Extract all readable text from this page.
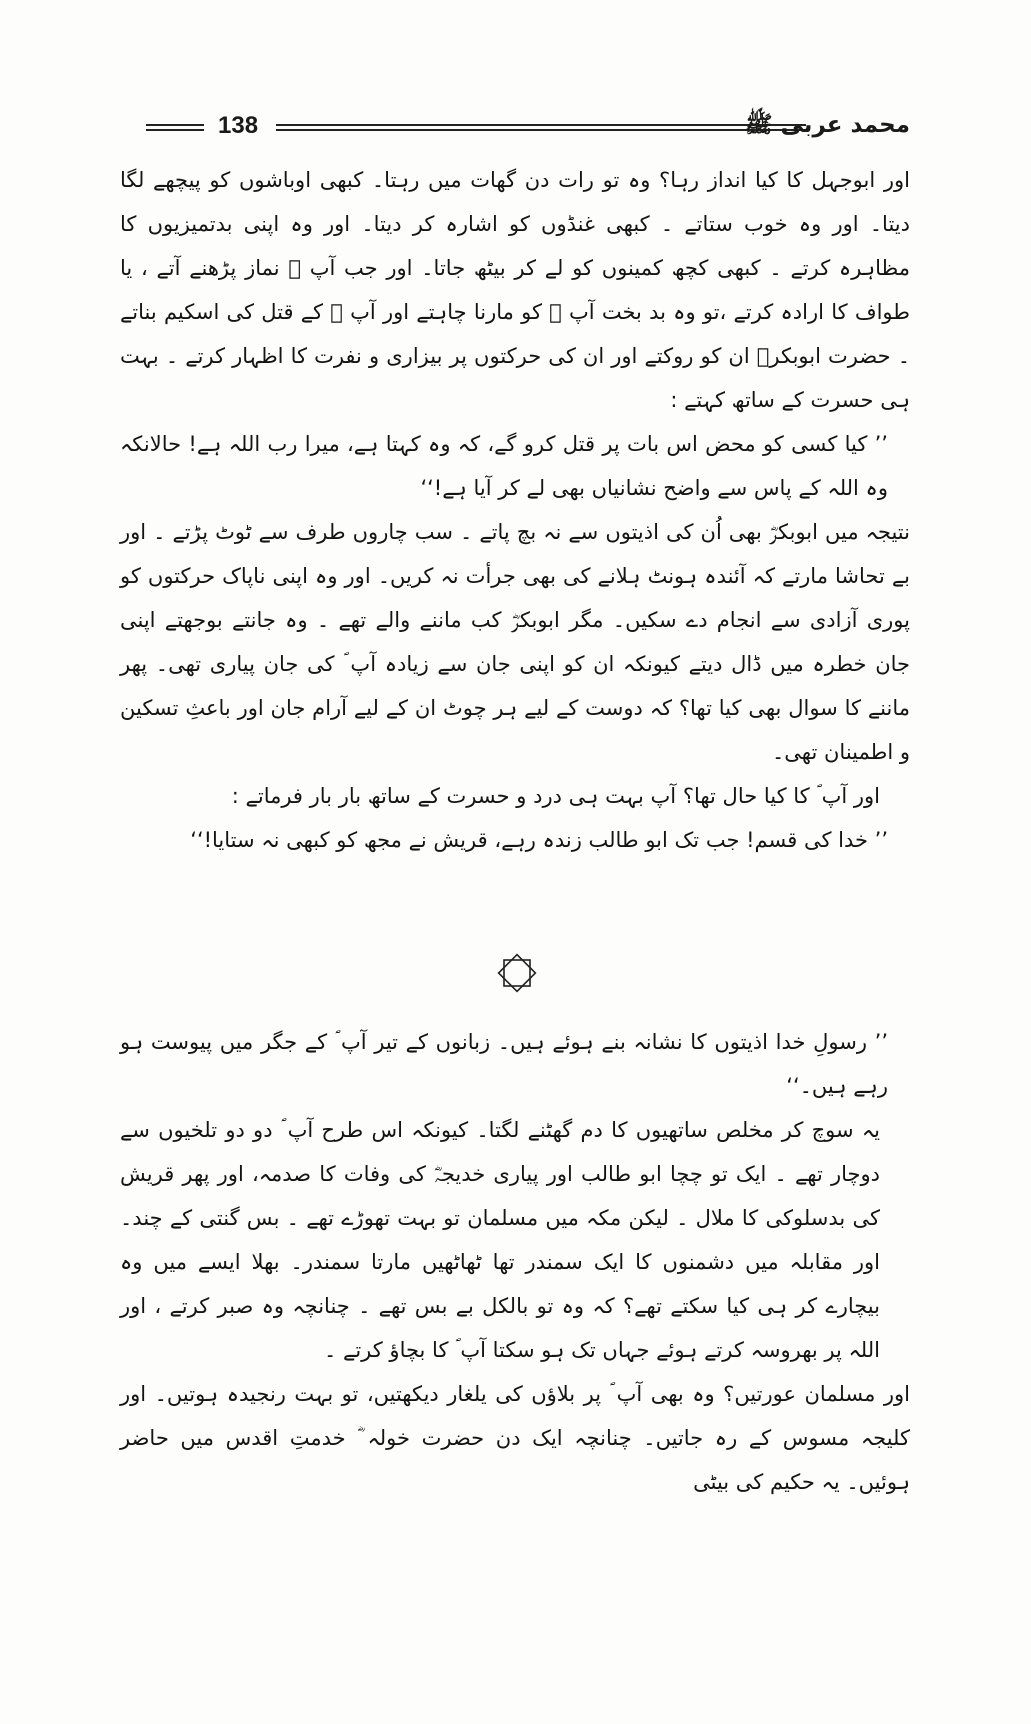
138	محمد عربی ﷺ

اور ابوجہل کا کیا انداز رہا؟ وہ تو رات دن گھات میں رہتا۔ کبھی اوباشوں کو پیچھے لگا دیتا۔ اور وہ خوب ستاتے ۔ کبھی غنڈوں کو اشارہ کر دیتا۔ اور وہ اپنی بدتمیزیوں کا مظاہرہ کرتے ۔ کبھی کچھ کمینوں کو لے کر بیٹھ جاتا۔ اور جب آپ ؐ نماز پڑھنے آتے ، یا طواف کا ارادہ کرتے ،تو وہ بد بخت آپ ؐ کو مارنا چاہتے اور آپ ؐ کے قتل کی اسکیم بناتے ۔ حضرت ابوبکرؓ ان کو روکتے اور ان کی حرکتوں پر بیزاری و نفرت کا اظہار کرتے ۔ بہت ہی حسرت کے ساتھ کہتے :

’’ کیا کسی کو محض اس بات پر قتل کرو گے، کہ وہ کہتا ہے، میرا رب اللہ ہے! حالانکہ وہ اللہ کے پاس سے واضح نشانیاں بھی لے کر آیا ہے!‘‘

نتیجہ میں ابوبکرؓ بھی اُن کی اذیتوں سے نہ بچ پاتے ۔ سب چاروں طرف سے ٹوٹ پڑتے ۔ اور بے تحاشا مارتے کہ آئندہ ہونٹ ہلانے کی بھی جرأت نہ کریں۔ اور وہ اپنی ناپاک حرکتوں کو پوری آزادی سے انجام دے سکیں۔ مگر ابوبکرؓ کب ماننے والے تھے ۔ وہ جانتے بوجھتے اپنی جان خطرہ میں ڈال دیتے کیونکہ ان کو اپنی جان سے زیادہ آپ ؐ کی جان پیاری تھی۔ پھر ماننے کا سوال بھی کیا تھا؟ کہ دوست کے لیے ہر چوٹ ان کے لیے آرام جان اور باعثِ تسکین و اطمینان تھی۔

اور آپ ؐ کا کیا حال تھا؟ آپ بہت ہی درد و حسرت کے ساتھ بار بار فرماتے :

’’ خدا کی قسم! جب تک ابو طالب زندہ رہے، قریش نے مجھ کو کبھی نہ ستایا!‘‘

’’ رسولِ خدا اذیتوں کا نشانہ بنے ہوئے ہیں۔ زبانوں کے تیر آپ ؐ کے جگر میں پیوست ہو رہے ہیں۔‘‘

یہ سوچ کر مخلص ساتھیوں کا دم گھٹنے لگتا۔ کیونکہ اس طرح آپ ؐ دو دو تلخیوں سے دوچار تھے ۔ ایک تو چچا ابو طالب اور پیاری خدیجہؓ کی وفات کا صدمہ، اور پھر قریش کی بدسلوکی کا ملال ۔ لیکن مکہ میں مسلمان تو بہت تھوڑے تھے ۔ بس گنتی کے چند۔ اور مقابلہ میں دشمنوں کا ایک سمندر تھا ٹھاٹھیں مارتا سمندر۔ بھلا ایسے میں وہ بیچارے کر ہی کیا سکتے تھے؟ کہ وہ تو بالکل بے بس تھے ۔ چنانچہ وہ صبر کرتے ، اور اللہ پر بھروسہ کرتے ہوئے جہاں تک ہو سکتا آپ ؐ کا بچاؤ کرتے ۔

اور مسلمان عورتیں؟ وہ بھی آپ ؐ پر بلاؤں کی یلغار دیکھتیں، تو بہت رنجیدہ ہوتیں۔ اور کلیجہ مسوس کے رہ جاتیں۔ چنانچہ ایک دن حضرت خولہ ؓ خدمتِ اقدس میں حاضر ہوئیں۔ یہ حکیم کی بیٹی
